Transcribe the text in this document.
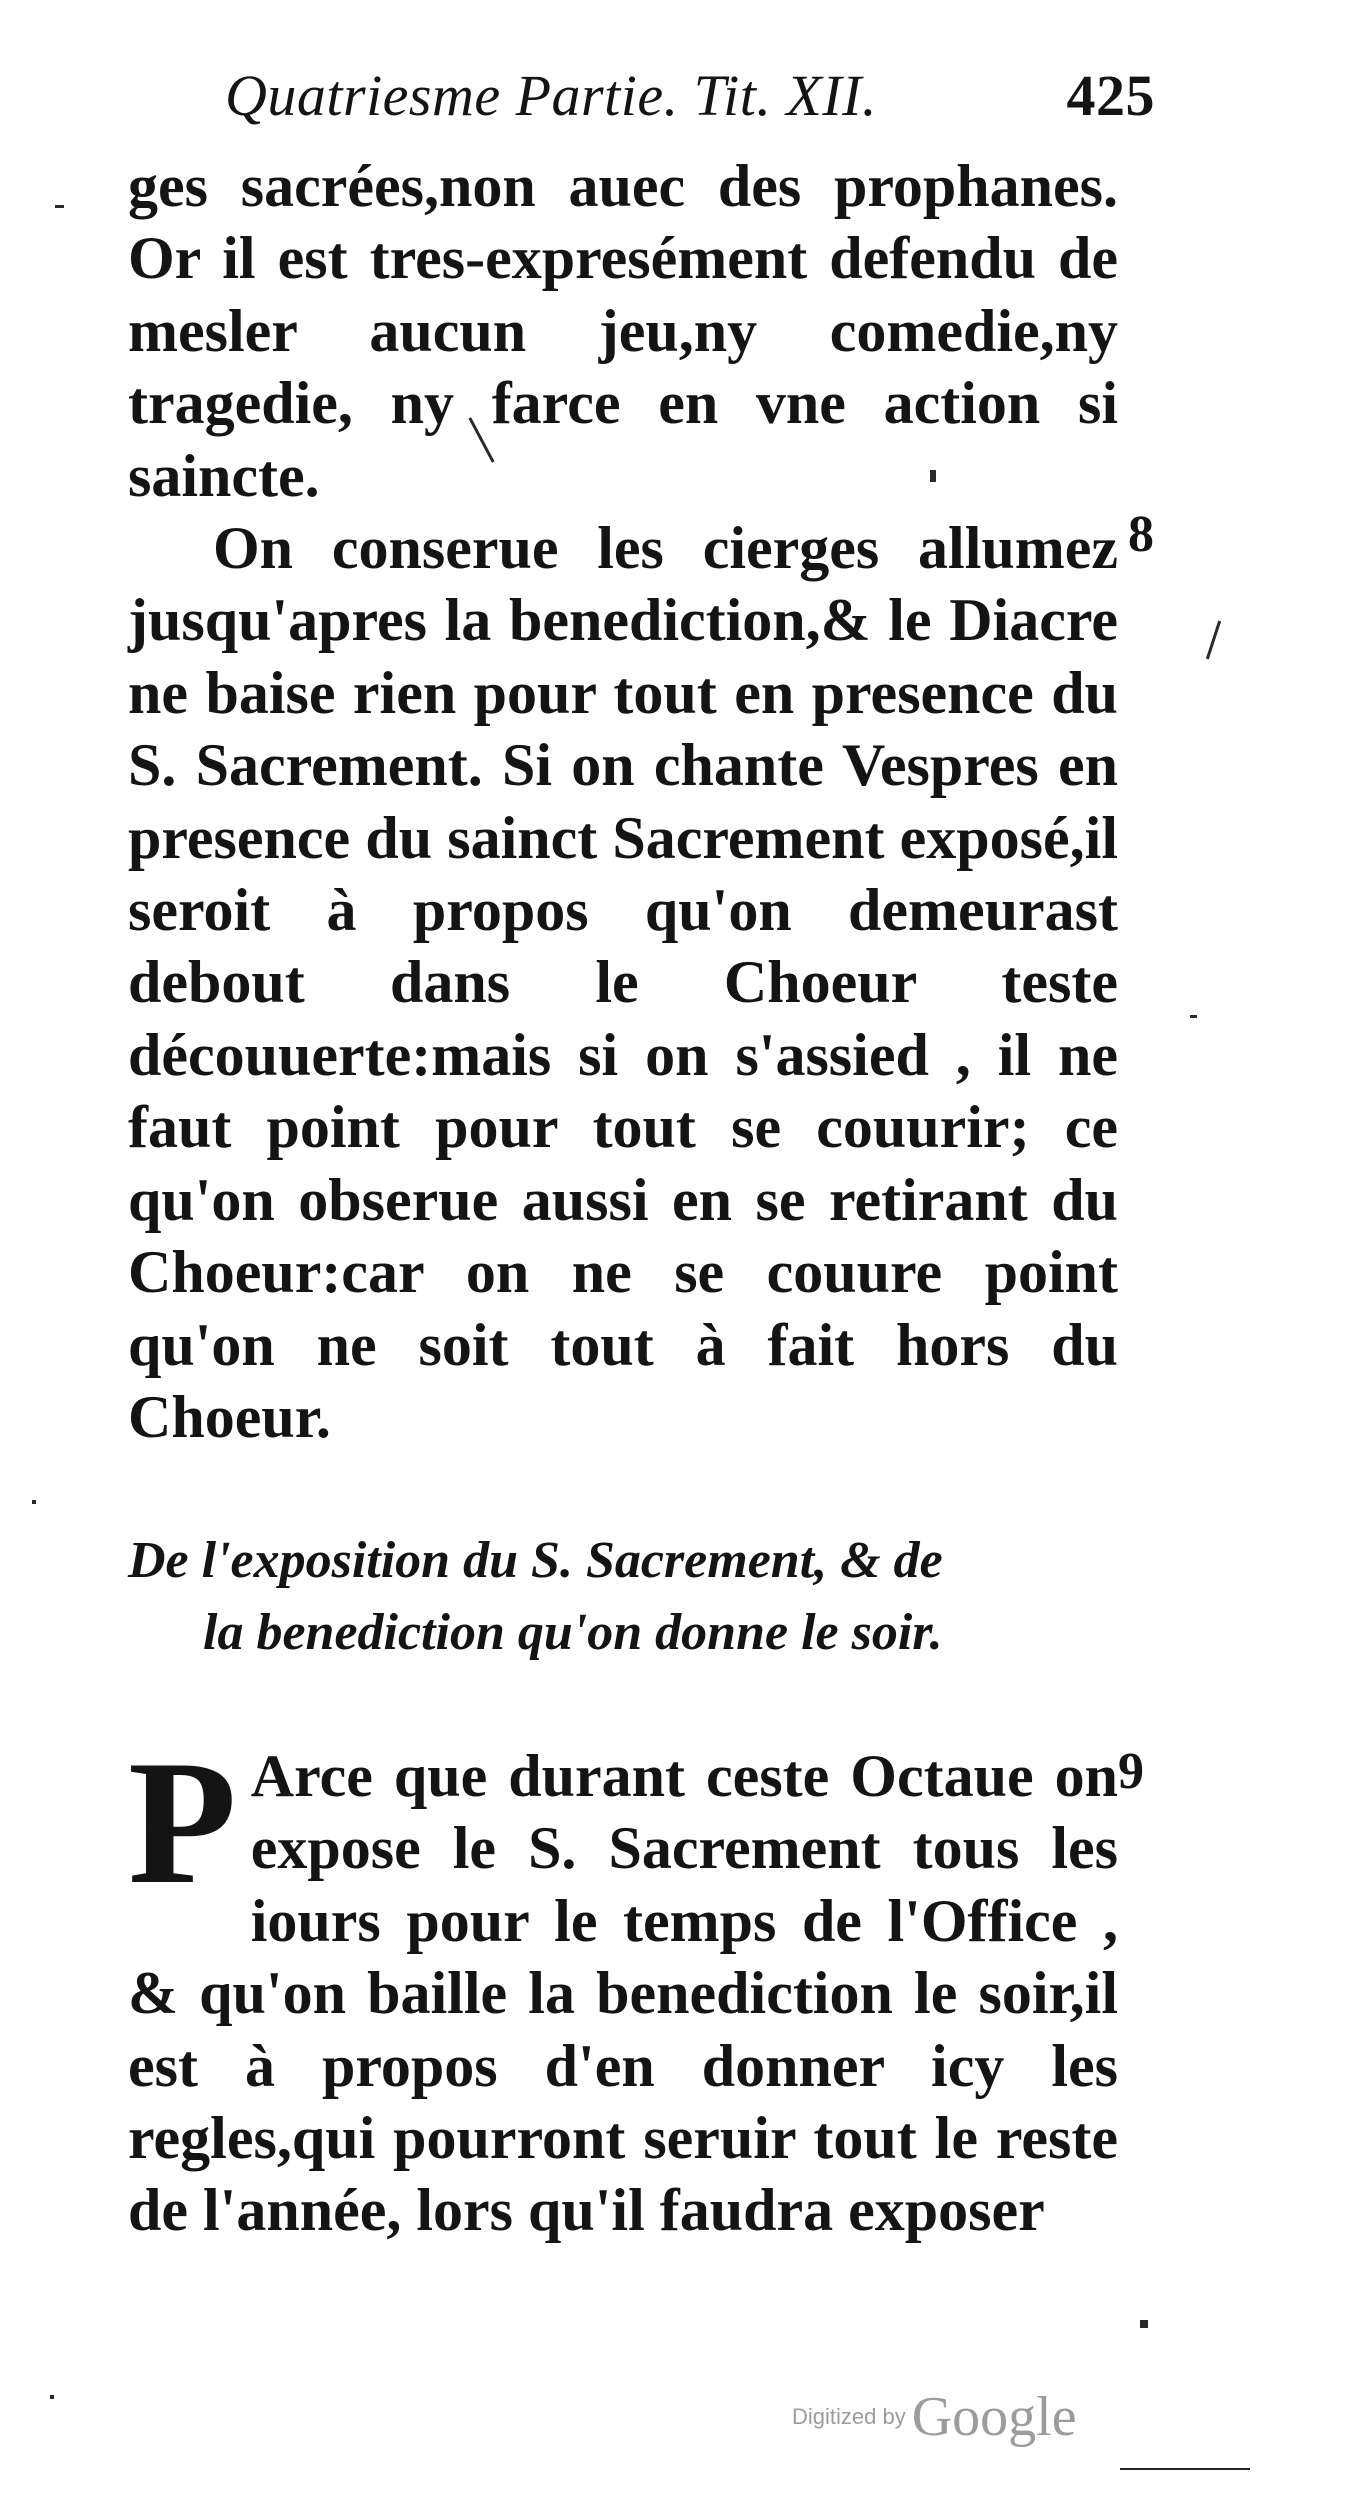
Quatriesme Partie. Tit. XII.	425

ges sacrées,non auec des prophanes. Or il est tres-expresément defendu de mesler aucun jeu,ny comedie,ny tragedie, ny farce en vne action si saincte.

On conserue les cierges allumez jusqu'apres la benediction,& le Diacre ne baise rien pour tout en presence du S. Sacrement. Si on chante Vespres en presence du sainct Sacrement exposé,il seroit à propos qu'on demeurast debout dans le Choeur teste découuerte:mais si on s'assied , il ne faut point pour tout se couurir; ce qu'on obserue aussi en se retirant du Choeur:car on ne se couure point qu'on ne soit tout à fait hors du Choeur.

8
De l'exposition du S. Sacrement, & de
la benediction qu'on donne le soir.
P Arce que durant ceste Octaue on expose le S. Sacrement tous les iours pour le temps de l'Office , & qu'on baille la benediction le soir,il est à propos d'en donner icy les regles,qui pourront seruir tout le reste de l'année, lors qu'il faudra exposer
9
Digitized by Google
